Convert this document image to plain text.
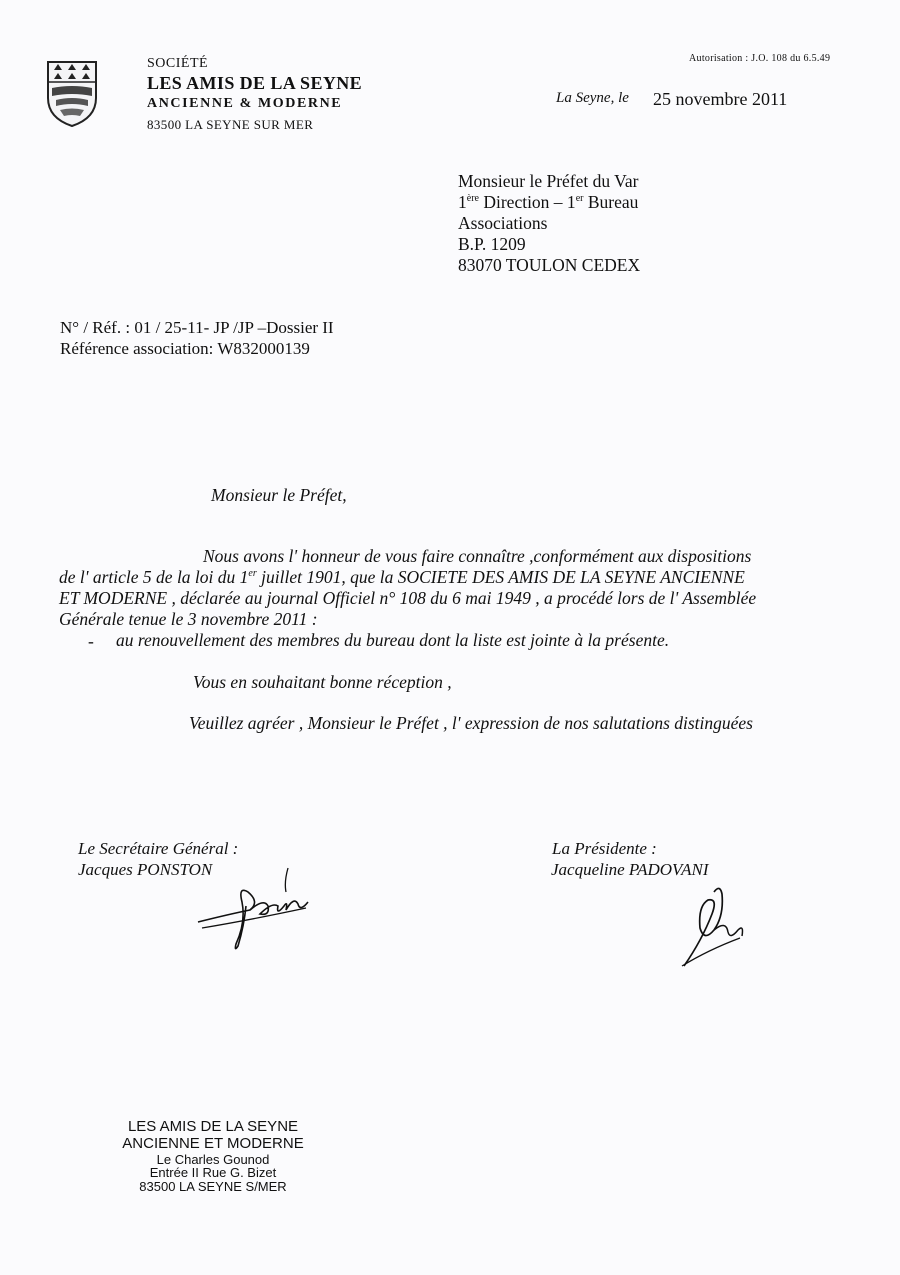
SOCIÉTÉ
LES AMIS DE LA SEYNE
ANCIENNE & MODERNE
83500 LA SEYNE SUR MER
Autorisation : J.O. 108 du 6.5.49
La Seyne, le 25 novembre 2011
Monsieur le Préfet du Var
1ère Direction – 1er Bureau
Associations
B.P. 1209
83070 TOULON CEDEX
N° / Réf. : 01 / 25-11- JP /JP –Dossier II
Référence association: W832000139
Monsieur le Préfet,
Nous avons l' honneur de vous faire connaître ,conformément aux dispositions
de l' article 5 de la loi du 1er juillet 1901, que la SOCIETE DES AMIS DE LA SEYNE ANCIENNE
ET MODERNE , déclarée au journal Officiel n° 108 du 6 mai 1949 , a procédé lors de l' Assemblée
Générale tenue le 3 novembre 2011 :
- au renouvellement des membres du bureau dont la liste est jointe à la présente.
Vous en souhaitant bonne réception ,
Veuillez agréer , Monsieur le Préfet , l' expression de nos salutations distinguées
Le Secrétaire Général :
Jacques PONSTON
La Présidente :
Jacqueline PADOVANI
LES AMIS DE LA SEYNE
ANCIENNE ET MODERNE
Le Charles Gounod
Entrée II Rue G. Bizet
83500 LA SEYNE S/MER
